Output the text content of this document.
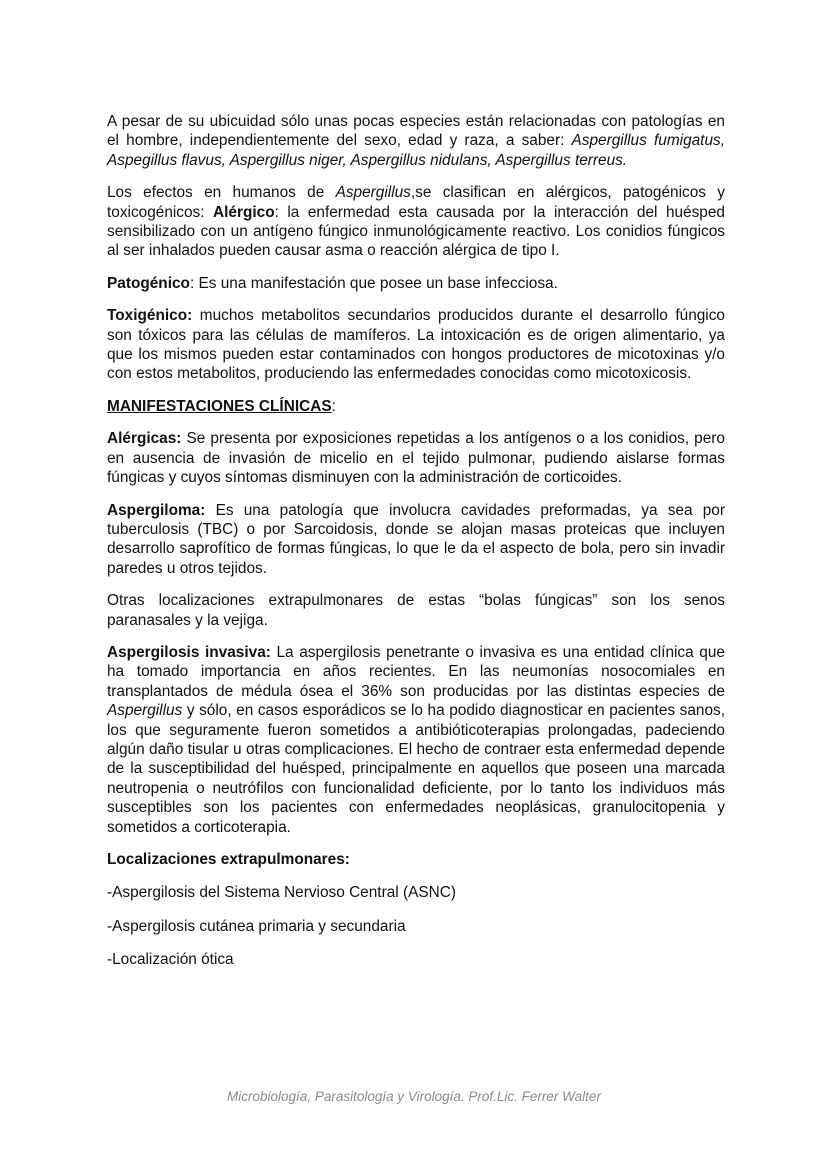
A pesar de su ubicuidad sólo unas pocas especies están relacionadas con patologías en el hombre, independientemente del sexo, edad y raza, a saber: Aspergillus fumigatus, Aspegillus flavus, Aspergillus niger, Aspergillus nidulans, Aspergillus terreus.

Los efectos en humanos de Aspergillus,se clasifican en alérgicos, patogénicos y toxicogénicos: Alérgico: la enfermedad esta causada por la interacción del huésped sensibilizado con un antígeno fúngico inmunológicamente reactivo. Los conidios fúngicos al ser inhalados pueden causar asma o reacción alérgica de tipo I.

Patogénico: Es una manifestación que posee un base infecciosa.

Toxigénico: muchos metabolitos secundarios producidos durante el desarrollo fúngico son tóxicos para las células de mamíferos. La intoxicación es de origen alimentario, ya que los mismos pueden estar contaminados con hongos productores de micotoxinas y/o con estos metabolitos, produciendo las enfermedades conocidas como micotoxicosis.

MANIFESTACIONES CLÍNICAS:

Alérgicas: Se presenta por exposiciones repetidas a los antígenos o a los conidios, pero en ausencia de invasión de micelio en el tejido pulmonar, pudiendo aislarse formas fúngicas y cuyos síntomas disminuyen con la administración de corticoides.

Aspergiloma: Es una patología que involucra cavidades preformadas, ya sea por tuberculosis (TBC) o por Sarcoidosis, donde se alojan masas proteicas que incluyen desarrollo saprofítico de formas fúngicas, lo que le da el aspecto de bola, pero sin invadir paredes u otros tejidos.

Otras localizaciones extrapulmonares de estas “bolas fúngicas” son los senos paranasales y la vejiga.

Aspergilosis invasiva: La aspergilosis penetrante o invasiva es una entidad clínica que ha tomado importancia en años recientes. En las neumonías nosocomiales en transplantados de médula ósea el 36% son producidas por las distintas especies de Aspergillus y sólo, en casos esporádicos se lo ha podido diagnosticar en pacientes sanos, los que seguramente fueron sometidos a antibióticoterapias prolongadas, padeciendo algún daño tisular u otras complicaciones. El hecho de contraer esta enfermedad depende de la susceptibilidad del huésped, principalmente en aquellos que poseen una marcada neutropenia o neutrófilos con funcionalidad deficiente, por lo tanto los individuos más susceptibles son los pacientes con enfermedades neoplásicas, granulocitopenia y sometidos a corticoterapia.

Localizaciones extrapulmonares:

-Aspergilosis del Sistema Nervioso Central (ASNC)

-Aspergilosis cutánea primaria y secundaria

-Localización ótica

Microbiología, Parasitología y Virología. Prof.Lic. Ferrer Walter
